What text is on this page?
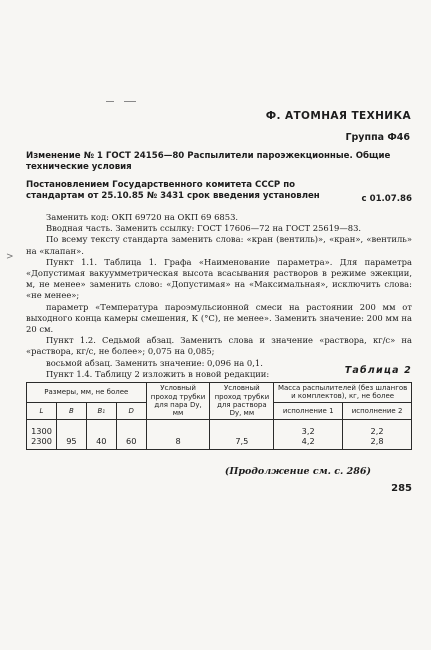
Ф. АТОМНАЯ ТЕХНИКА
Группа Ф46
Изменение № 1 ГОСТ 24156—80 Распылители пароэжекционные. Общие технические условия
Постановлением Государственного комитета СССР по стандартам от 25.10.85 № 3431 срок введения установлен	с 01.07.86

Заменить код: ОКП 69720 на ОКП 69 6853.

Вводная часть. Заменить ссылку: ГОСТ 17606—72 на ГОСТ 25619—83.

По всему тексту стандарта заменить слова: «кран (вентиль)», «кран», «вентиль» на «клапан».

Пункт 1.1. Таблица 1. Графа «Наименование параметра». Для параметра «Допустимая вакуумметрическая высота всасывания растворов в режиме эжекции, м, не менее» заменить слово: «Допустимая» на «Максимальная», исключить слова: «не менее»;

параметр «Температура пароэмульсионной смеси на растоянии 200 мм от выходного конца камеры смешения, К (°С), не менее». Заменить значение: 200 мм на 20 см.

Пункт 1.2. Седьмой абзац. Заменить слова и значение «раствора, кг/с» на «раствора, кг/с, не более»; 0,075 на 0,085;

восьмой абзац. Заменить значение: 0,096 на 0,1.

Пункт 1.4. Таблицу 2 изложить в новой редакции:

>
Таблица 2
Размеры, мм, не более				Условный проход трубки для пара Dу, мм	Условный проход трубки для раствора Dу, мм	Масса распылителей (без шлангов и комплектов), кг, не более	
L	B	B₁	D			исполнение 1	исполнение 2
1300						3,2	2,2
2300	95	40	60	8	7,5	4,2	2,8
(Продолжение см. с. 286)
285
